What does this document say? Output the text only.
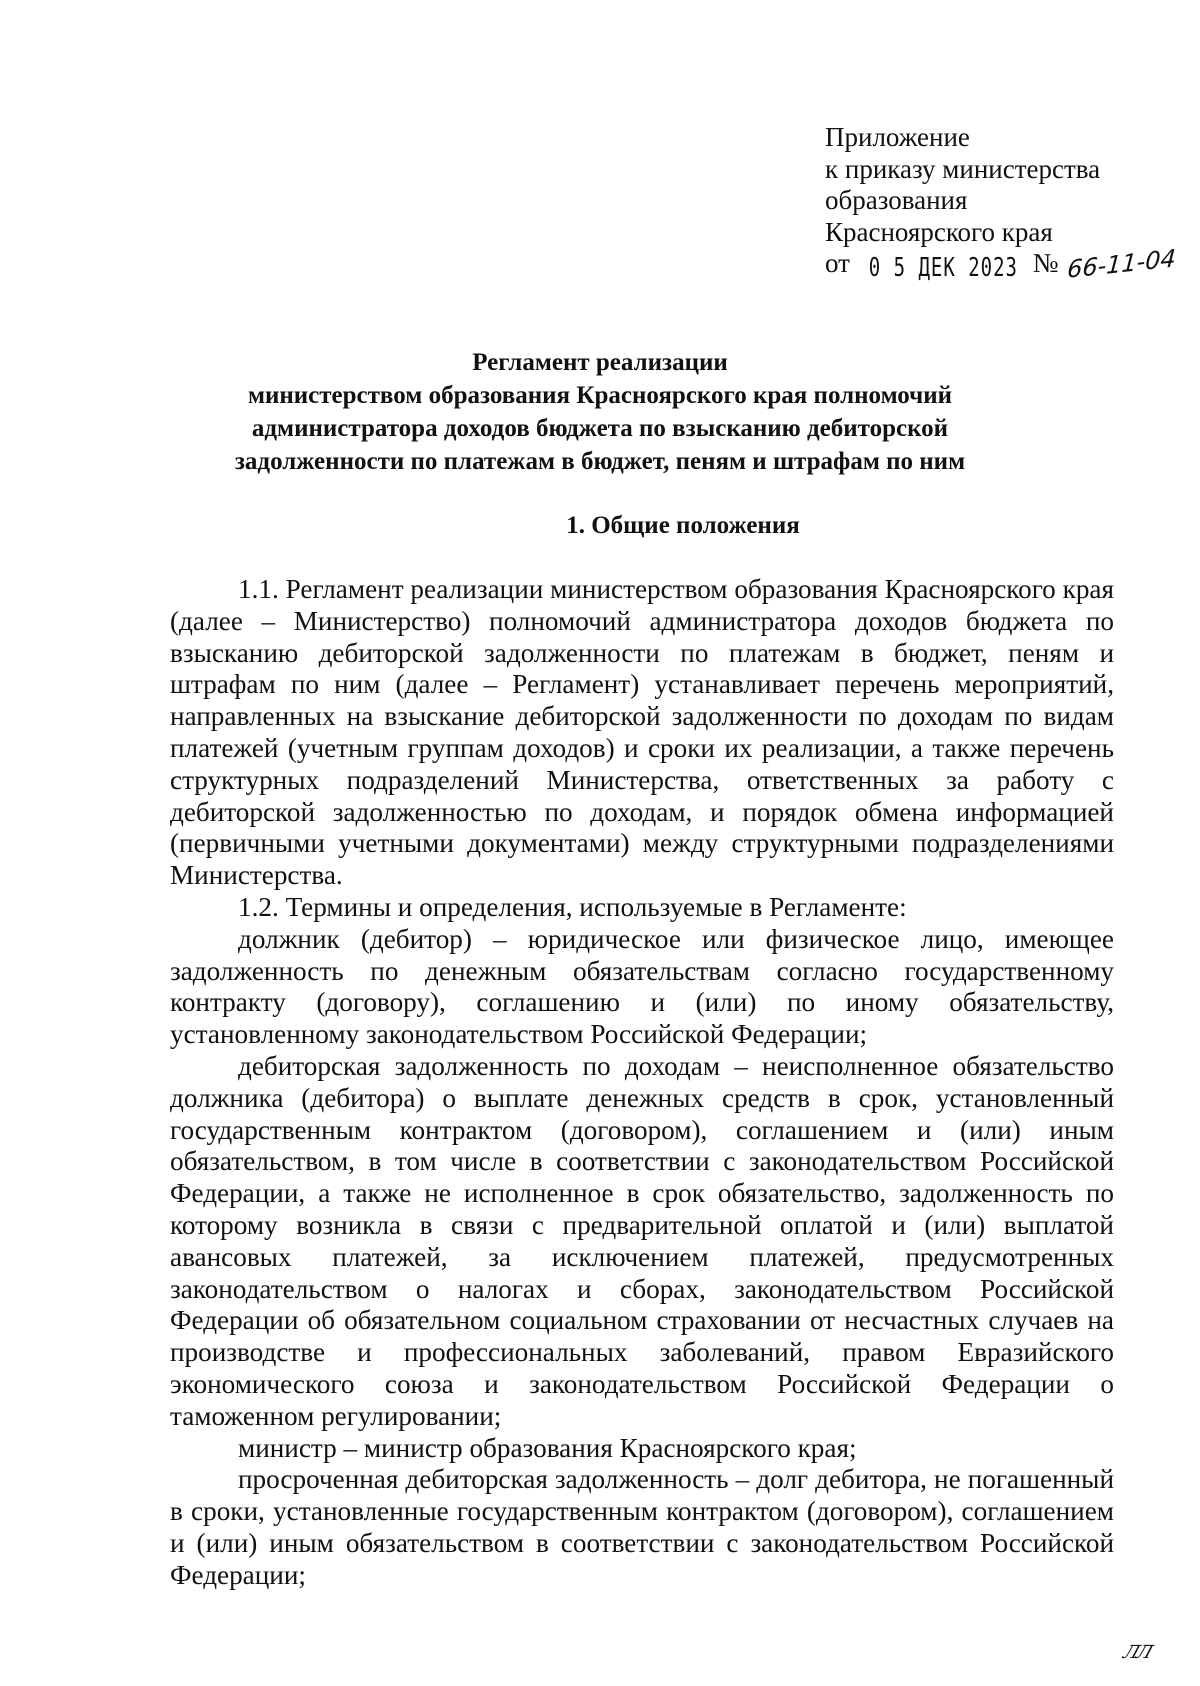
Приложение
к приказу министерства
образования
Красноярского края
от 0 5 ДЕК 2023 № 66-11-04
Регламент реализации
министерством образования Красноярского края полномочий
администратора доходов бюджета по взысканию дебиторской
задолженности по платежам в бюджет, пеням и штрафам по ним
1. Общие положения

1.1. Регламент реализации министерством образования Красноярского края (далее – Министерство) полномочий администратора доходов бюджета по взысканию дебиторской задолженности по платежам в бюджет, пеням и штрафам по ним (далее – Регламент) устанавливает перечень мероприятий, направленных на взыскание дебиторской задолженности по доходам по видам платежей (учетным группам доходов) и сроки их реализации, а также перечень структурных подразделений Министерства, ответственных за работу с дебиторской задолженностью по доходам, и порядок обмена информацией (первичными учетными документами) между структурными подразделениями Министерства.

1.2. Термины и определения, используемые в Регламенте:

должник (дебитор) – юридическое или физическое лицо, имеющее задолженность по денежным обязательствам согласно государственному контракту (договору), соглашению и (или) по иному обязательству, установленному законодательством Российской Федерации;

дебиторская задолженность по доходам – неисполненное обязательство должника (дебитора) о выплате денежных средств в срок, установленный государственным контрактом (договором), соглашением и (или) иным обязательством, в том числе в соответствии с законодательством Российской Федерации, а также не исполненное в срок обязательство, задолженность по которому возникла в связи с предварительной оплатой и (или) выплатой авансовых платежей, за исключением платежей, предусмотренных законодательством о налогах и сборах, законодательством Российской Федерации об обязательном социальном страховании от несчастных случаев на производстве и профессиональных заболеваний, правом Евразийского экономического союза и законодательством Российской Федерации о таможенном регулировании;

министр – министр образования Красноярского края;

просроченная дебиторская задолженность – долг дебитора, не погашенный в сроки, установленные государственным контрактом (договором), соглашением и (или) иным обязательством в соответствии с законодательством Российской Федерации;

ЛЛ
